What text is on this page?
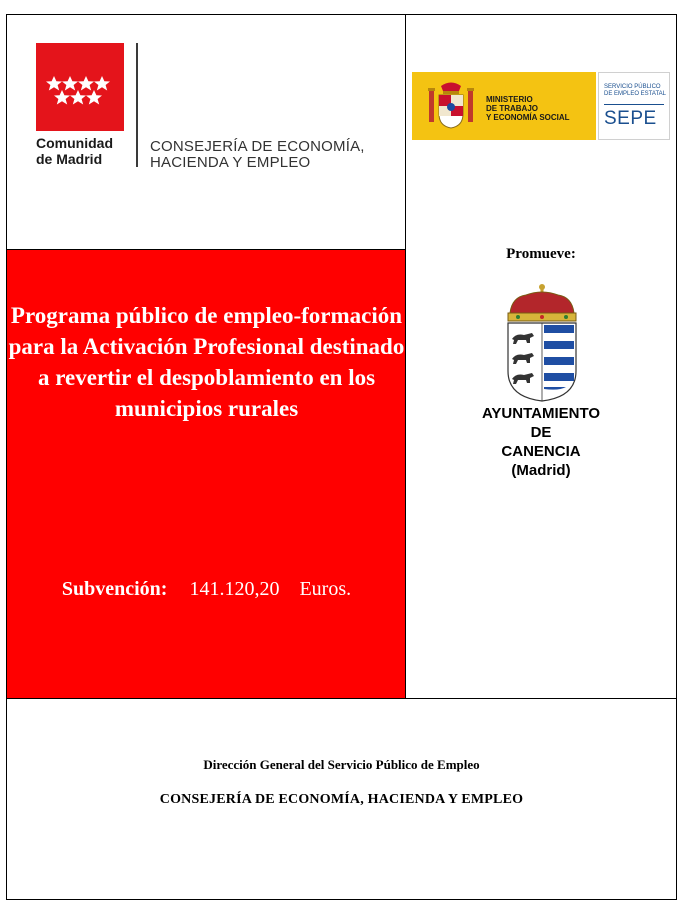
Comunidad de Madrid
CONSEJERÍA DE ECONOMÍA, HACIENDA Y EMPLEO
Programa público de empleo-formación para la Activación Profesional destinado a revertir el despoblamiento en los municipios rurales
Subvención: 141.120,20 Euros.
MINISTERIO
DE TRABAJO
Y ECONOMÍA SOCIAL
SERVICIO PÚBLICO DE EMPLEO ESTATAL
SEPE
Promueve:
AYUNTAMIENTO
DE
CANENCIA
(Madrid)
Dirección General del Servicio Público de Empleo
CONSEJERÍA DE ECONOMÍA, HACIENDA Y EMPLEO
